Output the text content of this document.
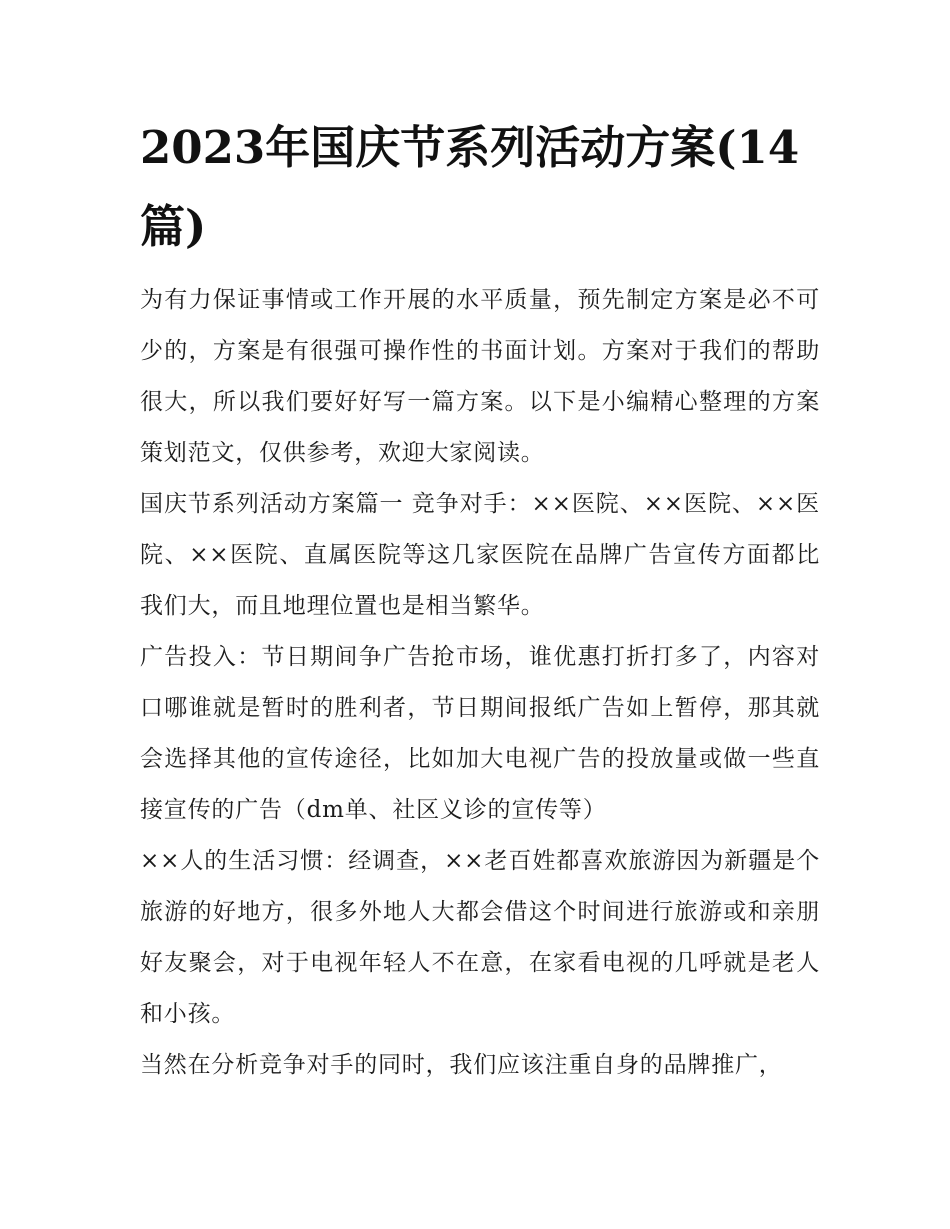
2023年国庆节系列活动方案(14篇)

为有力保证事情或工作开展的水平质量，预先制定方案是必不可少的，方案是有很强可操作性的书面计划。方案对于我们的帮助很大，所以我们要好好写一篇方案。以下是小编精心整理的方案策划范文，仅供参考，欢迎大家阅读。

国庆节系列活动方案篇一 竞争对手：××医院、××医院、××医院、××医院、直属医院等这几家医院在品牌广告宣传方面都比我们大，而且地理位置也是相当繁华。

广告投入：节日期间争广告抢市场，谁优惠打折打多了，内容对口哪谁就是暂时的胜利者，节日期间报纸广告如上暂停，那其就会选择其他的宣传途径，比如加大电视广告的投放量或做一些直接宣传的广告（dm单、社区义诊的宣传等）

××人的生活习惯：经调查，××老百姓都喜欢旅游因为新疆是个旅游的好地方，很多外地人大都会借这个时间进行旅游或和亲朋好友聚会，对于电视年轻人不在意，在家看电视的几呼就是老人和小孩。

当然在分析竞争对手的同时，我们应该注重自身的品牌推广，
